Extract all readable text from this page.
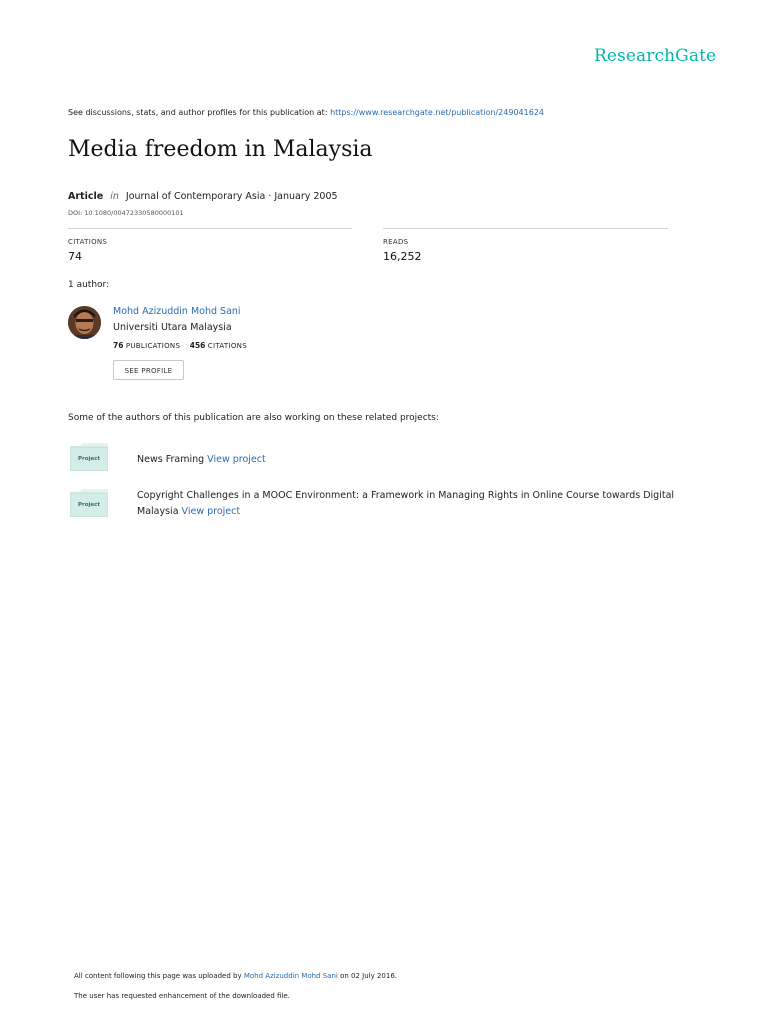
ResearchGate
See discussions, stats, and author profiles for this publication at: https://www.researchgate.net/publication/249041624
Media freedom in Malaysia
Article in Journal of Contemporary Asia · January 2005
DOI: 10.1080/00472330580000101
CITATIONS
74
READS
16,252
1 author:
Mohd Azizuddin Mohd Sani
Universiti Utara Malaysia
76 PUBLICATIONS 456 CITATIONS
SEE PROFILE
Some of the authors of this publication are also working on these related projects:
Project	News Framing View project
Project
Copyright Challenges in a MOOC Environment: a Framework in Managing Rights in Online Course towards Digital Malaysia View project
All content following this page was uploaded by Mohd Azizuddin Mohd Sani on 02 July 2016.
The user has requested enhancement of the downloaded file.
